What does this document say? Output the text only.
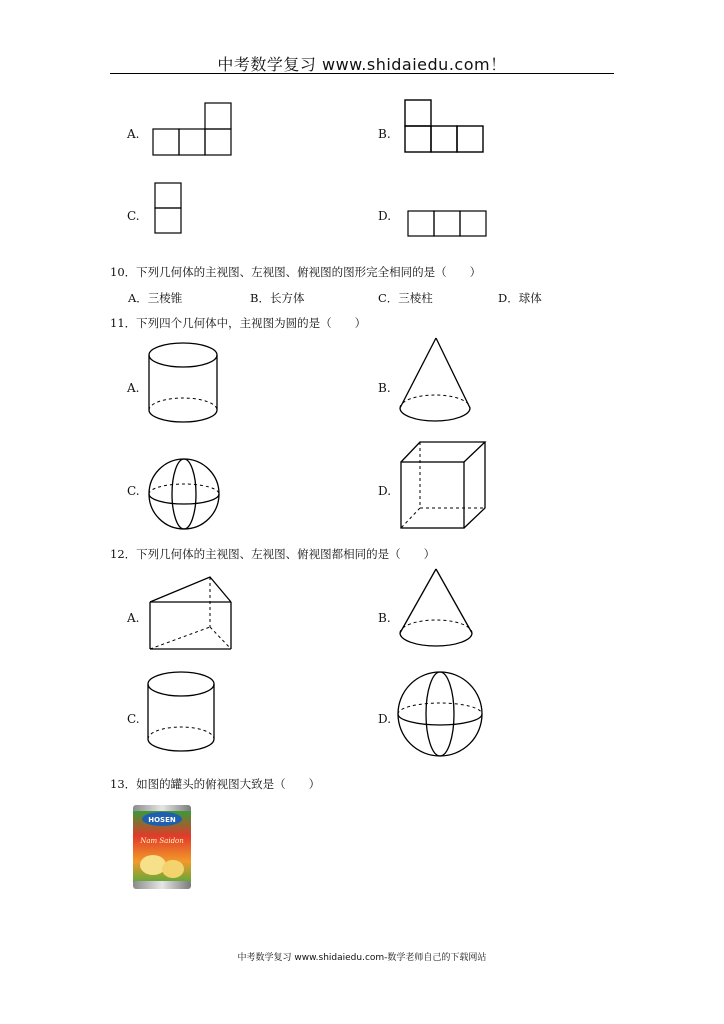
中考数学复习 www.shidaiedu.com！
A.	B.
C.	D.
10．下列几何体的主视图、左视图、俯视图的图形完全相同的是（　　）
A．三棱锥	B．长方体	C．三棱柱	D．球体
11．下列四个几何体中，主视图为圆的是（　　）
A.	B.
C.	D.
12．下列几何体的主视图、左视图、俯视图都相同的是（　　）
A.	B.
C.	D.
13．如图的罐头的俯视图大致是（　　）
HOSEN
Nam Saidon
中考数学复习 www.shidaiedu.com-数学老师自己的下载网站
